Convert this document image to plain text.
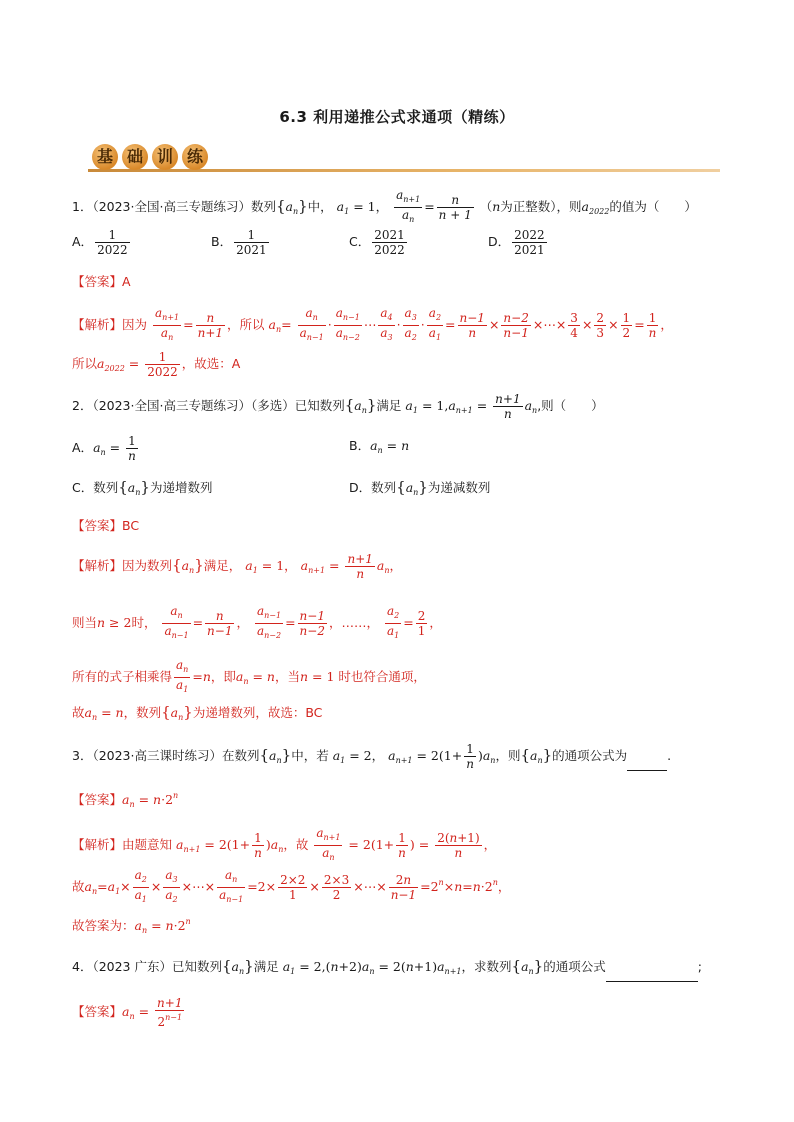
6.3 利用递推公式求通项（精练）
基 础 训 练
1．（2023·全国·高三专题练习）数列$\{a_n\}$中， $a_1 = 1$， $\frac{a_{n+1}}{a_n} = \frac{n}{n + 1} (n$为正整数），则$a_{2022}$的值为（　　）
A． $\frac{1}{2022}$	B． $\frac{1}{2021}$	C． $\frac{2021}{2022}$	D． $\frac{2022}{2021}$
【答案】A
【解析】因为 $\frac{a_{n+1}}{a_n} = \frac{n}{n+1}$ ，所以 $a_n= \frac{a_n}{a_{n-1}} \cdot \frac{a_{n-1}}{a_{n-2}}$ ⋯ $\frac{a_4}{a_3} \cdot \frac{a_3}{a_2} \cdot \frac{a_2}{a_1} = \frac{n-1}{n} \times \frac{n-2}{n-1}$ ×⋯× $\frac{3}{4} \times \frac{2}{3} \times \frac{1}{2} = \frac{1}{n}$ ，
所以$a_{2022} = \frac{1}{2022}$ ，故选：A
2．（2023·全国·高三专题练习）（多选）已知数列$\{a_n\}$满足 $a_1 = 1,a_{n+1} = \frac{n+1}{n} a_n$,则（　　）
A．$a_n = \frac{1}{n}$	B．$a_n = n$
C．数列$\{a_n\}$为递增数列	D．数列$\{a_n\}$为递减数列
【答案】BC
【解析】因为数列$\{a_n\}$满足， $a_1 = 1$， $a_{n+1} = \frac{n+1}{n} a_n$，
则当n ≥ 2时， $\frac{a_n}{a_{n-1}} = \frac{n}{n-1}$ ， $\frac{a_{n-1}}{a_{n-2}} = \frac{n-1}{n-2}$ ，……， $\frac{a_2}{a_1} = \frac{2}{1}$ ，
所有的式子相乘得 $\frac{a_n}{a_1} =n$，即$a_n = n$，当n = 1 时也符合通项，
故$a_n = n$，数列$\{a_n\}$为递增数列，故选：BC
3．（2023·高三课时练习）在数列$\{a_n\}$中，若 $a_1 = 2$， $a_{n+1} = 2(1+ \frac{1}{n} )a_n$，则$\{a_n\}$的通项公式为	.
【答案】$a_n = n\cdot 2^n$
【解析】由题意知 $a_{n+1} = 2(1+ \frac{1}{n} )a_n$，故 $\frac{a_{n+1}}{a_n} = 2(1+ \frac{1}{n}$ ) = $\frac{2(n+1)}{n}$ ，
故$a_n=a_1\times \frac{a_2}{a_1} \times \frac{a_3}{a_2}$ ×⋯× $\frac{a_n}{a_{n-1}} =2\times \frac{2\times 2}{1} \times \frac{2\times 3}{2}$ ×⋯× $\frac{2n}{n-1} =2^n\times n=n\cdot 2^n$，
故答案为：$a_n = n\cdot 2^n$
4．（2023 广东）已知数列$\{a_n\}$满足 $a_1 = 2,(n+2)a_n = 2(n+1)a_{n+1}$，求数列$\{a_n\}$的通项公式	;
【答案】$a_n = \frac{n+1}{2^{n-1}}$
